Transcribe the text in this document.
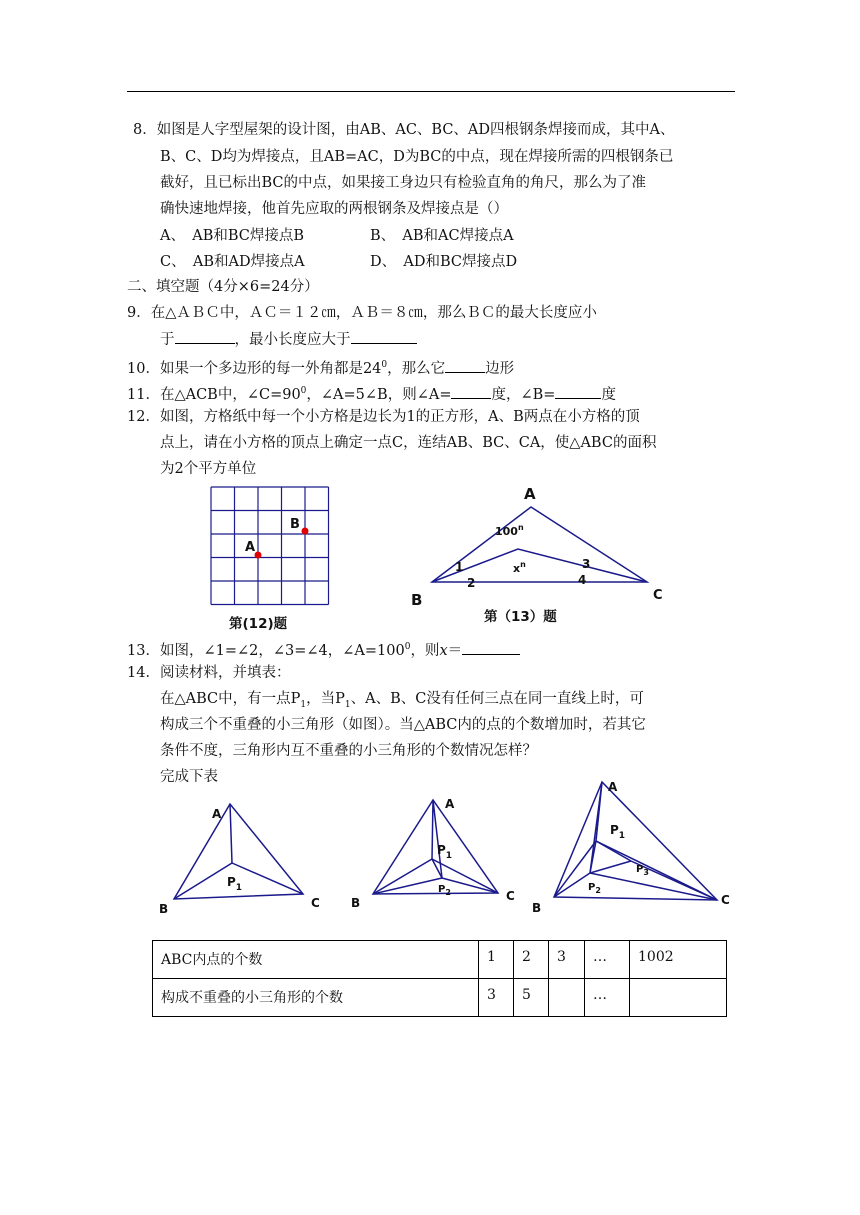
8．如图是人字型屋架的设计图，由AB、AC、BC、AD四根钢条焊接而成，其中A、
B、C、D均为焊接点，且AB=AC，D为BC的中点，现在焊接所需的四根钢条已
截好，且已标出BC的中点，如果接工身边只有检验直角的角尺，那么为了准
确快速地焊接，他首先应取的两根钢条及焊接点是（）
A、　AB和BC焊接点B	B、　AB和AC焊接点A
C、　AB和AD焊接点A	D、　AD和BC焊接点D
二、填空题（4分×6=24分）
9．在△ＡＢＣ中，ＡＣ＝１２㎝，ＡＢ＝８㎝，那么ＢＣ的最大长度应小
于	，最小长度应大于
10．如果一个多边形的每一外角都是$24^0$，那么它	边形
11．在△ACB中，$\angle C=90^0$，∠A=5∠B，则∠A=	度，∠B=	度
12．如图，方格纸中每一个小方格是边长为1的正方形，A、B两点在小方格的顶
点上，请在小方格的顶点上确定一点C，连结AB、BC、CA，使△ABC的面积
为2个平方单位
A
B
第(12)题
A
B	C
100$^n$
$x^n$
1
2
3
4
第（13）题
13．如图，∠1=∠2，∠3=∠4，$\angle A=100^0$，则x＝
14．阅读材料，并填表：
在△ABC中，有一点$P_1$，当$P_1$、A、B、C没有任何三点在同一直线上时，可
构成三个不重叠的小三角形（如图）。当△ABC内的点的个数增加时，若其它
条件不度，三角形内互不重叠的小三角形的个数情况怎样？
完成下表
A
B	C
$P_1$
A
B	C
$P_1$
$P_2$
A
B
C
$P_1$
$P_2$
$P_3$
ABC内点的个数	1	2	3	…	1002
构成不重叠的小三角形的个数	3	5		…	
